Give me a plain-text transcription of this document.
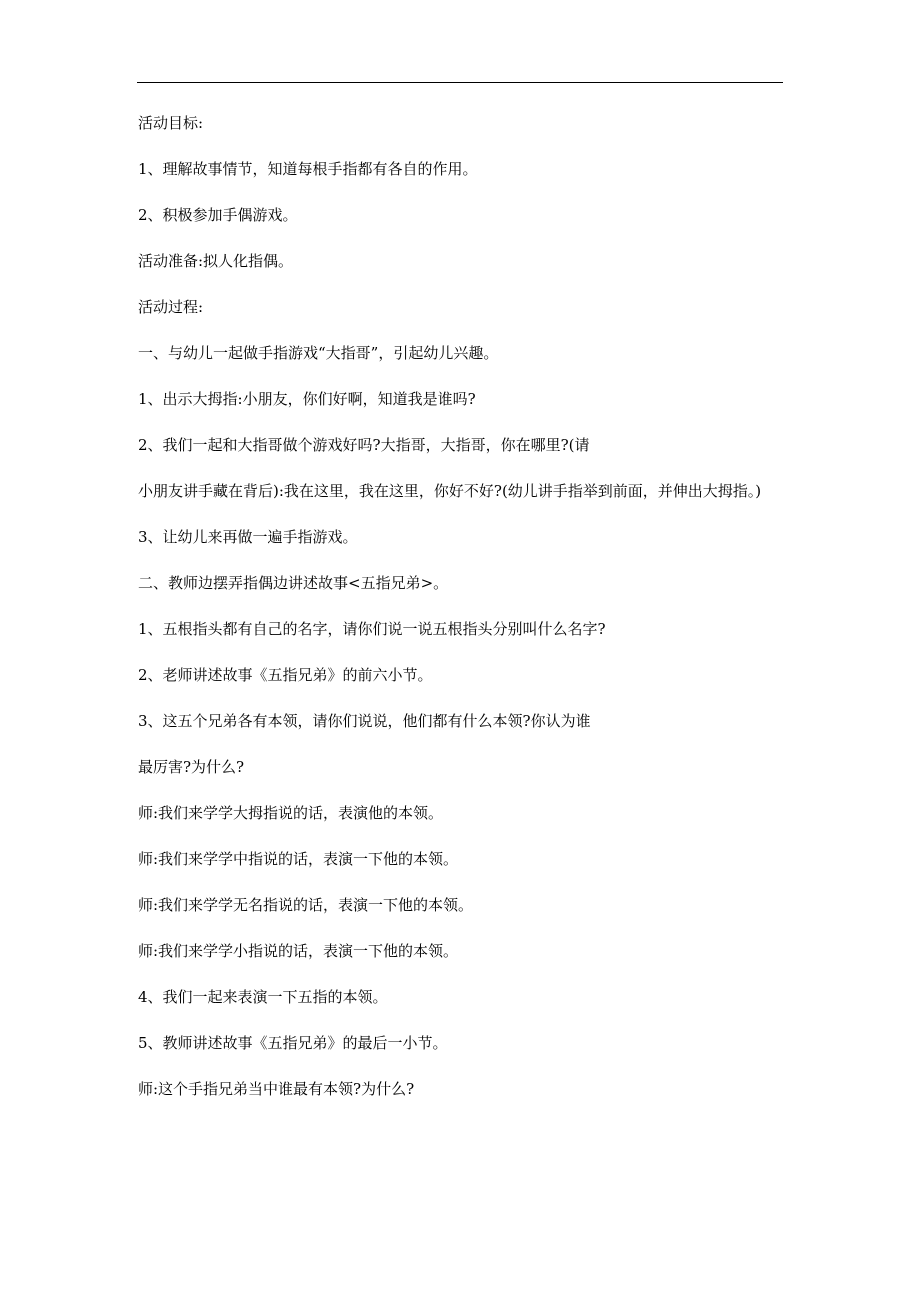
活动目标:

1、理解故事情节，知道每根手指都有各自的作用。

2、积极参加手偶游戏。

活动准备:拟人化指偶。

活动过程:

一、与幼儿一起做手指游戏“大指哥”，引起幼儿兴趣。

1、出示大拇指:小朋友，你们好啊，知道我是谁吗?

2、我们一起和大指哥做个游戏好吗?大指哥，大指哥，你在哪里?(请

小朋友讲手藏在背后):我在这里，我在这里，你好不好?(幼儿讲手指举到前面，并伸出大拇指。)

3、让幼儿来再做一遍手指游戏。

二、教师边摆弄指偶边讲述故事<五指兄弟>。

1、五根指头都有自己的名字，请你们说一说五根指头分别叫什么名字?

2、老师讲述故事《五指兄弟》的前六小节。

3、这五个兄弟各有本领，请你们说说，他们都有什么本领?你认为谁

最厉害?为什么?

师:我们来学学大拇指说的话，表演他的本领。

师:我们来学学中指说的话，表演一下他的本领。

师:我们来学学无名指说的话，表演一下他的本领。

师:我们来学学小指说的话，表演一下他的本领。

4、我们一起来表演一下五指的本领。

5、教师讲述故事《五指兄弟》的最后一小节。

师:这个手指兄弟当中谁最有本领?为什么?
